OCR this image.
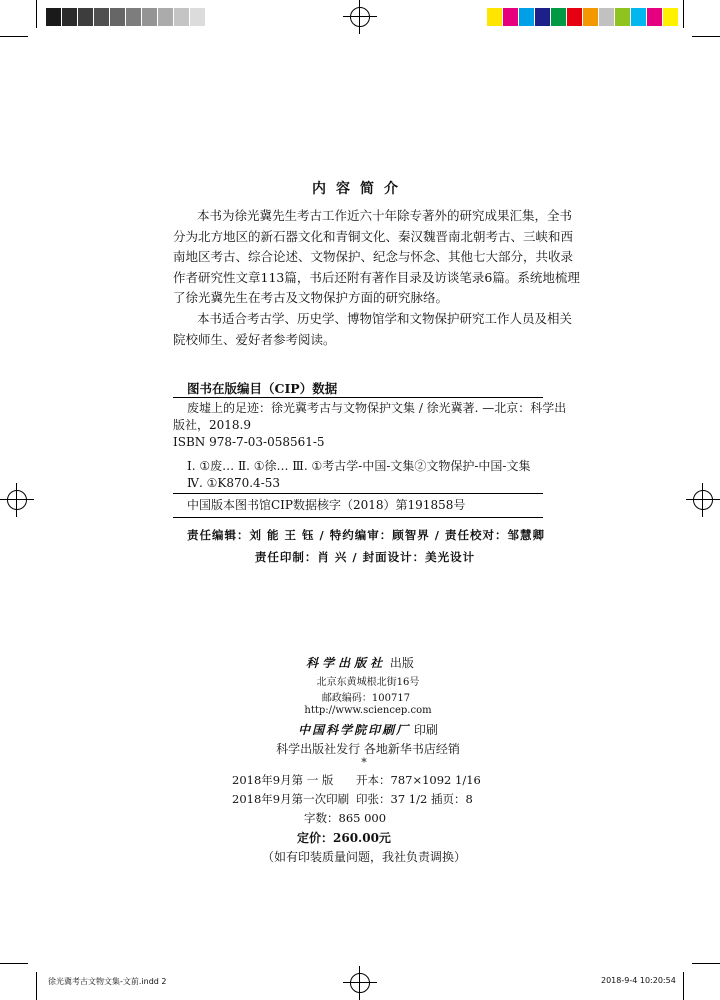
内容简介
本书为徐光冀先生考古工作近六十年除专著外的研究成果汇集，全书
分为北方地区的新石器文化和青铜文化、秦汉魏晋南北朝考古、三峡和西
南地区考古、综合论述、文物保护、纪念与怀念、其他七大部分，共收录
作者研究性文章113篇，书后还附有著作目录及访谈笔录6篇。系统地梳理
了徐光冀先生在考古及文物保护方面的研究脉络。
本书适合考古学、历史学、博物馆学和文物保护研究工作人员及相关
院校师生、爱好者参考阅读。
图书在版编目（CIP）数据
废墟上的足迹：徐光冀考古与文物保护文集 / 徐光冀著. —北京：科学出
版社，2018.9
ISBN 978-7-03-058561-5
Ⅰ. ①废… Ⅱ. ①徐… Ⅲ. ①考古学-中国-文集②文物保护-中国-文集
Ⅳ. ①K870.4-53
中国版本图书馆CIP数据核字（2018）第191858号
责任编辑：刘 能 王 钰 / 特约编审：顾智界 / 责任校对：邹慧卿
责任印制：肖 兴 / 封面设计：美光设计
科学出版社 出版
北京东黄城根北街16号
邮政编码：100717
http://www.sciencep.com
中国科学院印刷厂 印刷
科学出版社发行 各地新华书店经销
*
2018年9月第 一 版 开本：787×1092 1/16
2018年9月第一次印刷 印张：37 1/2 插页：8
字数：865 000
定价：260.00元
（如有印装质量问题，我社负责调换）
徐光冀考古文物文集-文前.indd 2	2018-9-4 10:20:54
